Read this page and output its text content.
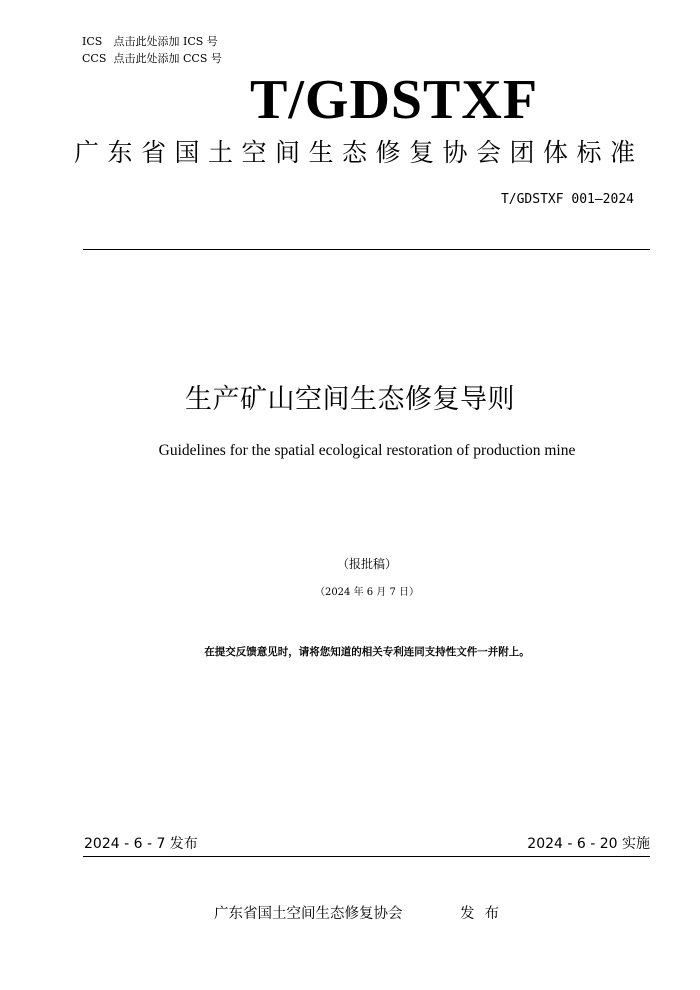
ICS 点击此处添加 ICS 号
CCS 点击此处添加 CCS 号
T/GDSTXF
广东省国土空间生态修复协会团体标准
T/GDSTXF 001—2024
生产矿山空间生态修复导则
Guidelines for the spatial ecological restoration of production mine
（报批稿）
（2024 年 6 月 7 日）
在提交反馈意见时，请将您知道的相关专利连同支持性文件一并附上。
2024 - 6 - 7 发布	2024 - 6 - 20 实施
广东省国土空间生态修复协会	发布
